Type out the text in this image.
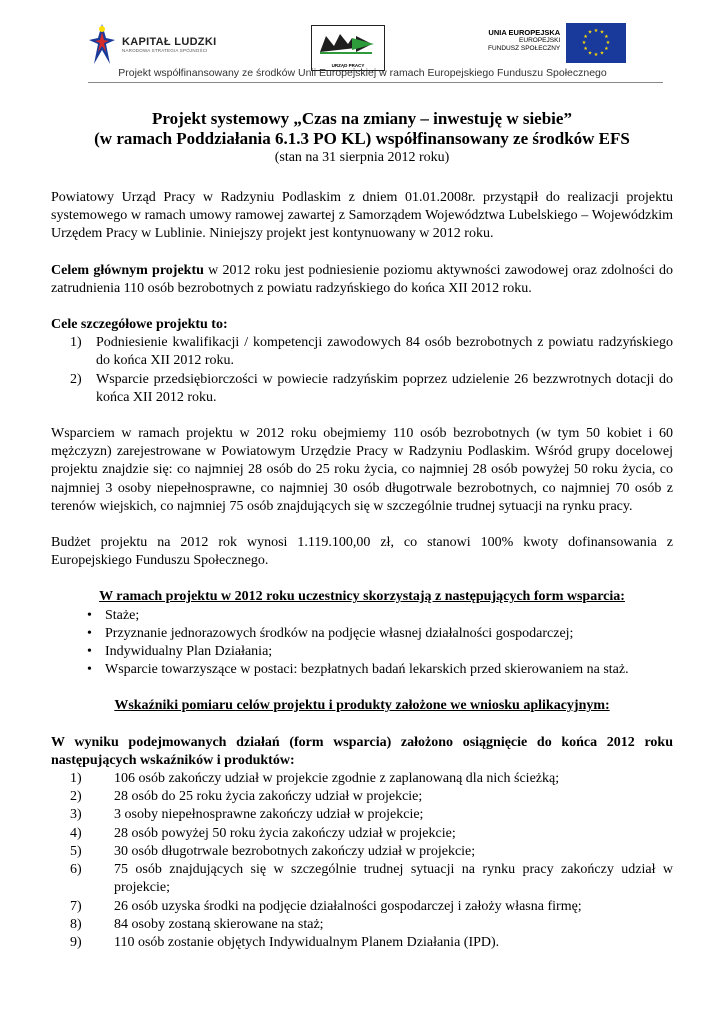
KAPITAŁ LUDZKI
NARODOWA STRATEGIA SPÓJNOŚCI
URZĄD PRACY
UNIA EUROPEJSKA
EUROPEJSKI
FUNDUSZ SPOŁECZNY
★ ★
★
★
★
★
★
★
★
★
★
★
Projekt współfinansowany ze środków Unii Europejskiej w ramach Europejskiego Funduszu Społecznego
Projekt systemowy „Czas na zmiany – inwestuję w siebie”
(w ramach Poddziałania 6.1.3 PO KL) współfinansowany ze środków EFS
(stan na 31 sierpnia 2012 roku)

Powiatowy Urząd Pracy w Radzyniu Podlaskim z dniem 01.01.2008r. przystąpił do realizacji projektu systemowego w ramach umowy ramowej zawartej z Samorządem Województwa Lubelskiego – Wojewódzkim Urzędem Pracy w Lublinie. Niniejszy projekt jest kontynuowany w 2012 roku.

Celem głównym projektu w 2012 roku jest podniesienie poziomu aktywności zawodowej oraz zdolności do zatrudnienia 110 osób bezrobotnych z powiatu radzyńskiego do końca XII 2012 roku.

Cele szczegółowe projektu to:

1) Podniesienie kwalifikacji / kompetencji zawodowych 84 osób bezrobotnych z powiatu radzyńskiego do końca XII 2012 roku.
2) Wsparcie przedsiębiorczości w powiecie radzyńskim poprzez udzielenie 26 bezzwrotnych dotacji do końca XII 2012 roku.

Wsparciem w ramach projektu w 2012 roku obejmiemy 110 osób bezrobotnych (w tym 50 kobiet i 60 mężczyzn) zarejestrowane w Powiatowym Urzędzie Pracy w Radzyniu Podlaskim. Wśród grupy docelowej projektu znajdzie się: co najmniej 28 osób do 25 roku życia, co najmniej 28 osób powyżej 50 roku życia, co najmniej 3 osoby niepełnosprawne, co najmniej 30 osób długotrwale bezrobotnych, co najmniej 70 osób z terenów wiejskich, co najmniej 75 osób znajdujących się w szczególnie trudnej sytuacji na rynku pracy.

Budżet projektu na 2012 rok wynosi 1.119.100,00 zł, co stanowi 100% kwoty dofinansowania z Europejskiego Funduszu Społecznego.

W ramach projektu w 2012 roku uczestnicy skorzystają z następujących form wsparcia:
• Staże;
• Przyznanie jednorazowych środków na podjęcie własnej działalności gospodarczej;
• Indywidualny Plan Działania;
• Wsparcie towarzyszące w postaci: bezpłatnych badań lekarskich przed skierowaniem na staż.
Wskaźniki pomiaru celów projektu i produkty założone we wniosku aplikacyjnym:

W wyniku podejmowanych działań (form wsparcia) założono osiągnięcie do końca 2012 roku następujących wskaźników i produktów:

1) 106 osób zakończy udział w projekcie zgodnie z zaplanowaną dla nich ścieżką;
2) 28 osób do 25 roku życia zakończy udział w projekcie;
3) 3 osoby niepełnosprawne zakończy udział w projekcie;
4) 28 osób powyżej 50 roku życia zakończy udział w projekcie;
5) 30 osób długotrwale bezrobotnych zakończy udział w projekcie;
6) 75 osób znajdujących się w szczególnie trudnej sytuacji na rynku pracy zakończy udział w projekcie;
7) 26 osób uzyska środki na podjęcie działalności gospodarczej i założy własna firmę;
8) 84 osoby zostaną skierowane na staż;
9) 110 osób zostanie objętych Indywidualnym Planem Działania (IPD).
